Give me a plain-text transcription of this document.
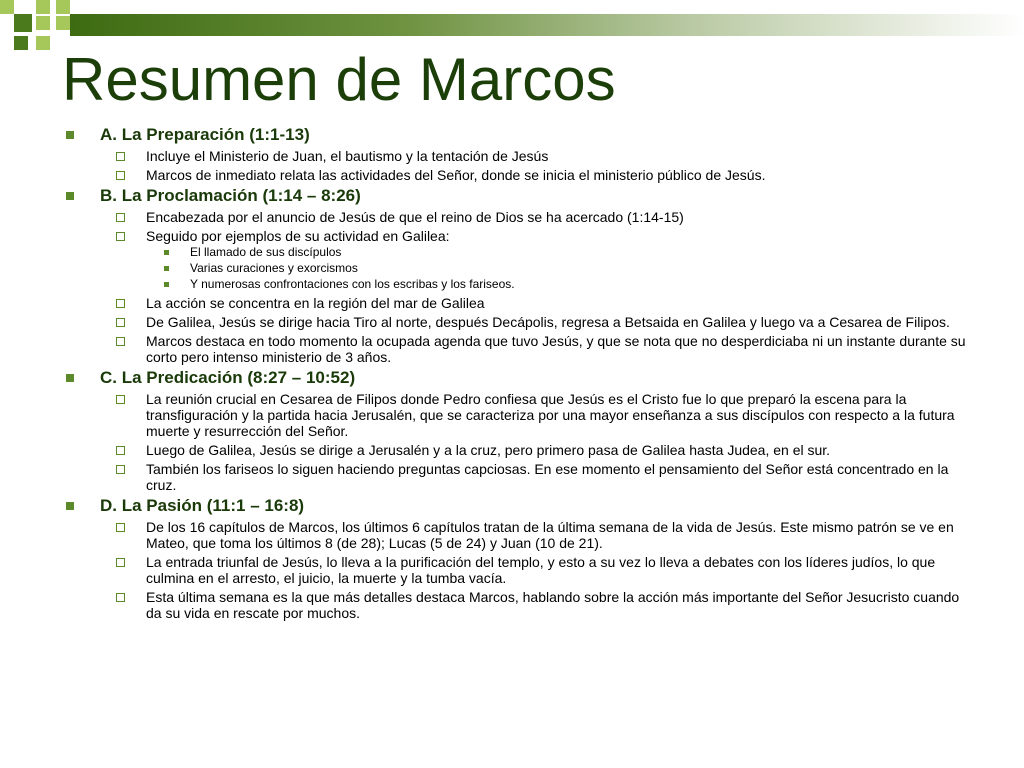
Resumen de Marcos
A. La Preparación (1:1-13)
Incluye el Ministerio de Juan, el bautismo y la tentación de Jesús
Marcos de inmediato relata las actividades del Señor, donde se inicia el ministerio público de Jesús.
B. La Proclamación (1:14 – 8:26)
Encabezada por el anuncio de Jesús de que el reino de Dios se ha acercado (1:14-15)
Seguido por ejemplos de su actividad en Galilea:
El llamado de sus discípulos
Varias curaciones y exorcismos
Y numerosas confrontaciones con los escribas y los fariseos.
La acción se concentra en la región del mar de Galilea
De Galilea, Jesús se dirige hacia Tiro al norte, después Decápolis, regresa a Betsaida en Galilea y luego va a Cesarea de Filipos.
Marcos destaca en todo momento la ocupada agenda que tuvo Jesús, y que se nota que no desperdiciaba ni un instante durante su corto pero intenso ministerio de 3 años.
C. La Predicación (8:27 – 10:52)
La reunión crucial en Cesarea de Filipos donde Pedro confiesa que Jesús es el Cristo fue lo que preparó la escena para la transfiguración y la partida hacia Jerusalén, que se caracteriza por una mayor enseñanza a sus discípulos con respecto a la futura muerte y resurrección del Señor.
Luego de Galilea, Jesús se dirige a Jerusalén y a la cruz, pero primero pasa de Galilea hasta Judea, en el sur.
También los fariseos lo siguen haciendo preguntas capciosas. En ese momento el pensamiento del Señor está concentrado en la cruz.
D. La Pasión (11:1 – 16:8)
De los 16 capítulos de Marcos, los últimos 6 capítulos tratan de la última semana de la vida de Jesús. Este mismo patrón se ve en Mateo, que toma los últimos 8 (de 28); Lucas (5 de 24) y Juan (10 de 21).
La entrada triunfal de Jesús, lo lleva a la purificación del templo, y esto a su vez lo lleva a debates con los líderes judíos, lo que culmina en el arresto, el juicio, la muerte y la tumba vacía.
Esta última semana es la que más detalles destaca Marcos, hablando sobre la acción más importante del Señor Jesucristo cuando da su vida en rescate por muchos.
